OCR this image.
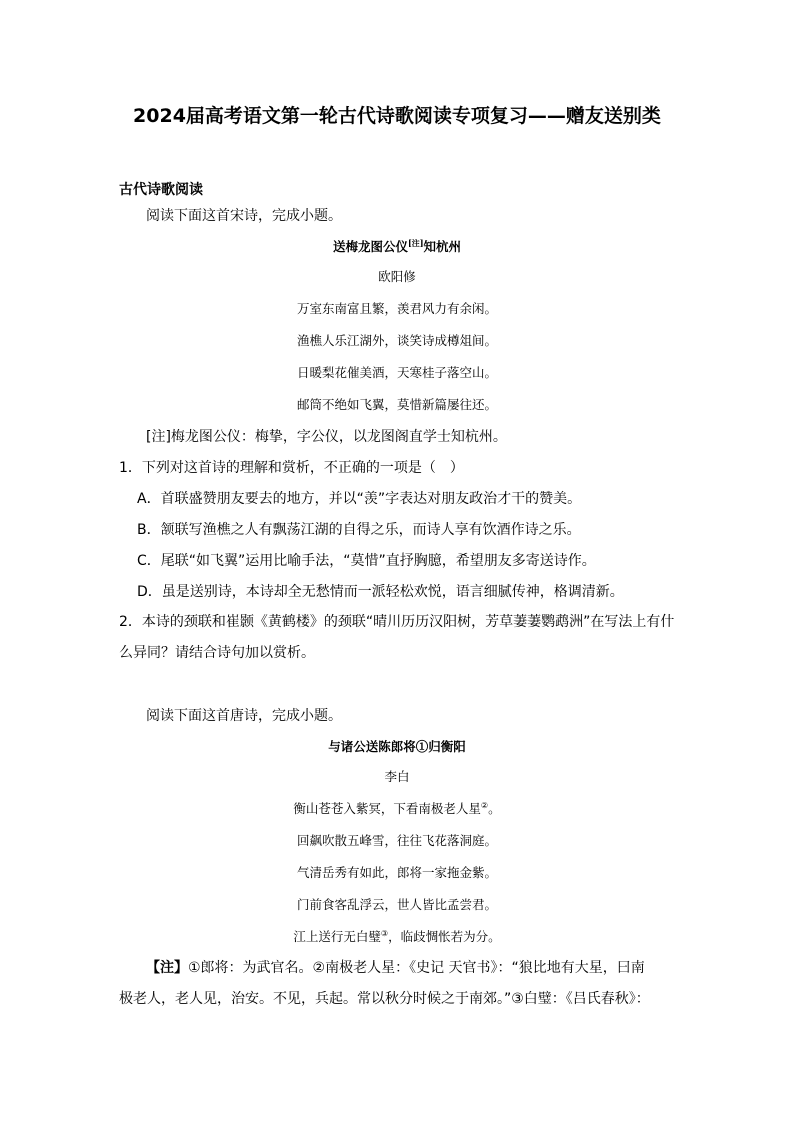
2024届高考语文第一轮古代诗歌阅读专项复习——赠友送别类
古代诗歌阅读
阅读下面这首宋诗，完成小题。
送梅龙图公仪[注]知杭州
欧阳修
万室东南富且繁，羡君风力有余闲。
渔樵人乐江湖外，谈笑诗成樽俎间。
日暖梨花催美酒，天寒桂子落空山。
邮筒不绝如飞翼，莫惜新篇屡往还。
[注]梅龙图公仪：梅挚，字公仪，以龙图阁直学士知杭州。
1．下列对这首诗的理解和赏析，不正确的一项是（　）
A．首联盛赞朋友要去的地方，并以“羡”字表达对朋友政治才干的赞美。
B．颔联写渔樵之人有飘荡江湖的自得之乐，而诗人享有饮酒作诗之乐。
C．尾联“如飞翼”运用比喻手法，“莫惜”直抒胸臆，希望朋友多寄送诗作。
D．虽是送别诗，本诗却全无愁情而一派轻松欢悦，语言细腻传神，格调清新。
2．本诗的颈联和崔颢《黄鹤楼》的颈联“晴川历历汉阳树，芳草萋萋鹦鹉洲”在写法上有什
么异同？请结合诗句加以赏析。
阅读下面这首唐诗，完成小题。
与诸公送陈郎将①归衡阳
李白
衡山苍苍入紫冥，下看南极老人星②。
回飙吹散五峰雪，往往飞花落洞庭。
气清岳秀有如此，郎将一家拖金紫。
门前食客乱浮云，世人皆比孟尝君。
江上送行无白璧③，临歧惆怅若为分。
【注】①郎将：为武官名。②南极老人星：《史记 天官书》：“狼比地有大星，曰南
极老人，老人见，治安。不见，兵起。常以秋分时候之于南郊。”③白璧：《吕氏春秋》：
